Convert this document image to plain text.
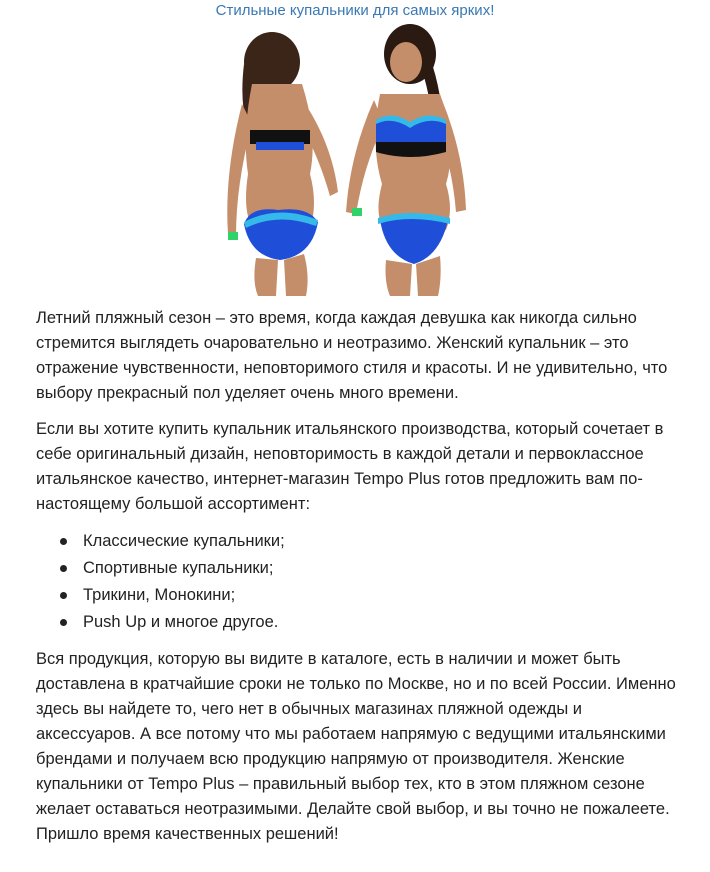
Стильные купальники для самых ярких!

Летний пляжный сезон – это время, когда каждая девушка как никогда сильно стремится выглядеть очаровательно и неотразимо. Женский купальник – это отражение чувственности, неповторимого стиля и красоты. И не удивительно, что выбору прекрасный пол уделяет очень много времени.

Если вы хотите купить купальник итальянского производства, который сочетает в себе оригинальный дизайн, неповторимость в каждой детали и первоклассное итальянское качество, интернет-магазин Tempo Plus готов предложить вам по-настоящему большой ассортимент:

Классические купальники;
Спортивные купальники;
Трикини, Монокини;
Push Up и многое другое.

Вся продукция, которую вы видите в каталоге, есть в наличии и может быть доставлена в кратчайшие сроки не только по Москве, но и по всей России. Именно здесь вы найдете то, чего нет в обычных магазинах пляжной одежды и аксессуаров. А все потому что мы работаем напрямую с ведущими итальянскими брендами и получаем всю продукцию напрямую от производителя. Женские купальники от Tempo Plus – правильный выбор тех, кто в этом пляжном сезоне желает оставаться неотразимыми. Делайте свой выбор, и вы точно не пожалеете. Пришло время качественных решений!
